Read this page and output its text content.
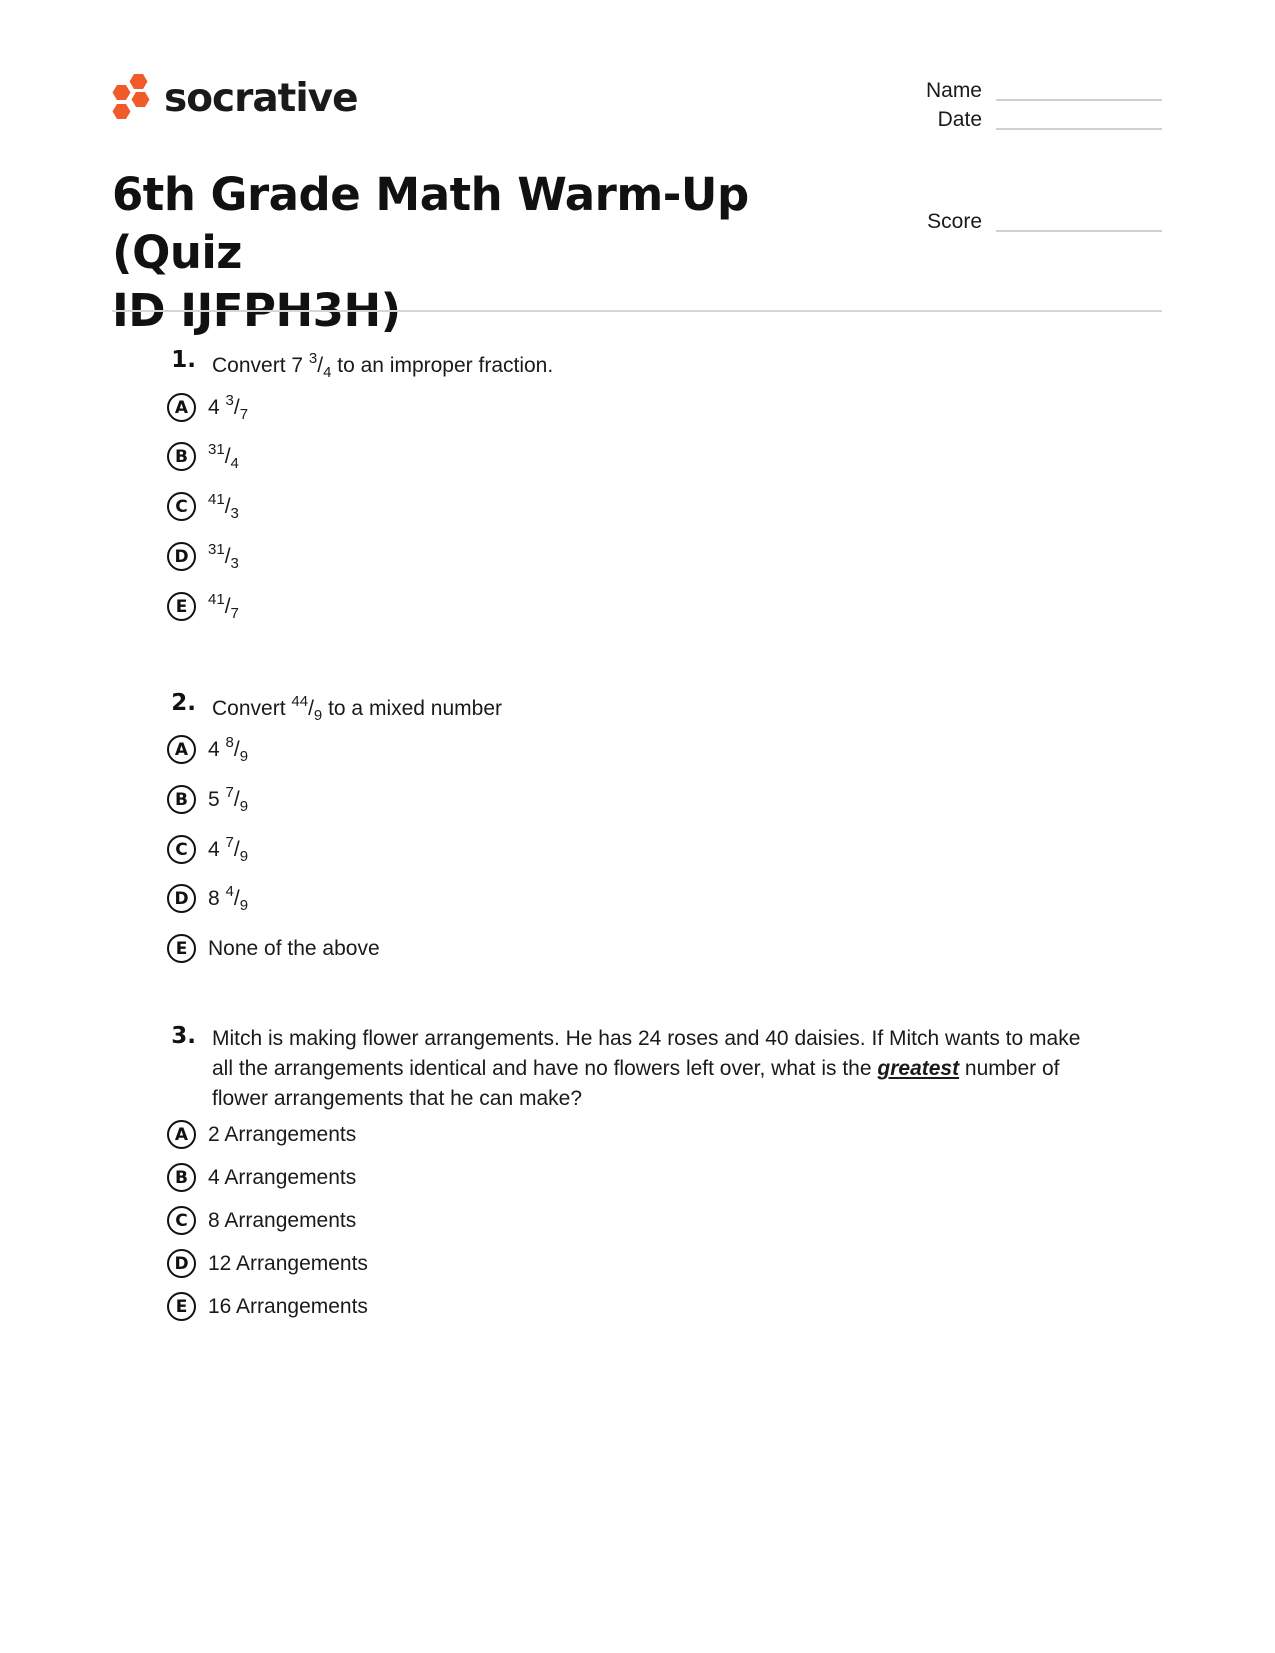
socrative
6th Grade Math Warm-Up (Quiz
ID IJFPH3H)
Name
Date
Score
1. Convert 7 $^3/_4$ to an improper fraction.
A 4 $^3/_7$
B	$^{31}/_4$
C	$^{41}/_3$
D	$^{31}/_3$
E	$^{41}/_7$
2. Convert $^{44}/_9$ to a mixed number
A 4 $^8/_9$
B 5 $^7/_9$
C 4 $^7/_9$
D 8 $^4/_9$
E None of the above
3. Mitch is making flower arrangements. He has 24 roses and 40 daisies. If Mitch wants to make
all the arrangements identical and have no flowers left over, what is the greatest number of
flower arrangements that he can make?
A 2 Arrangements
B 4 Arrangements
C 8 Arrangements
D 12 Arrangements
E 16 Arrangements
